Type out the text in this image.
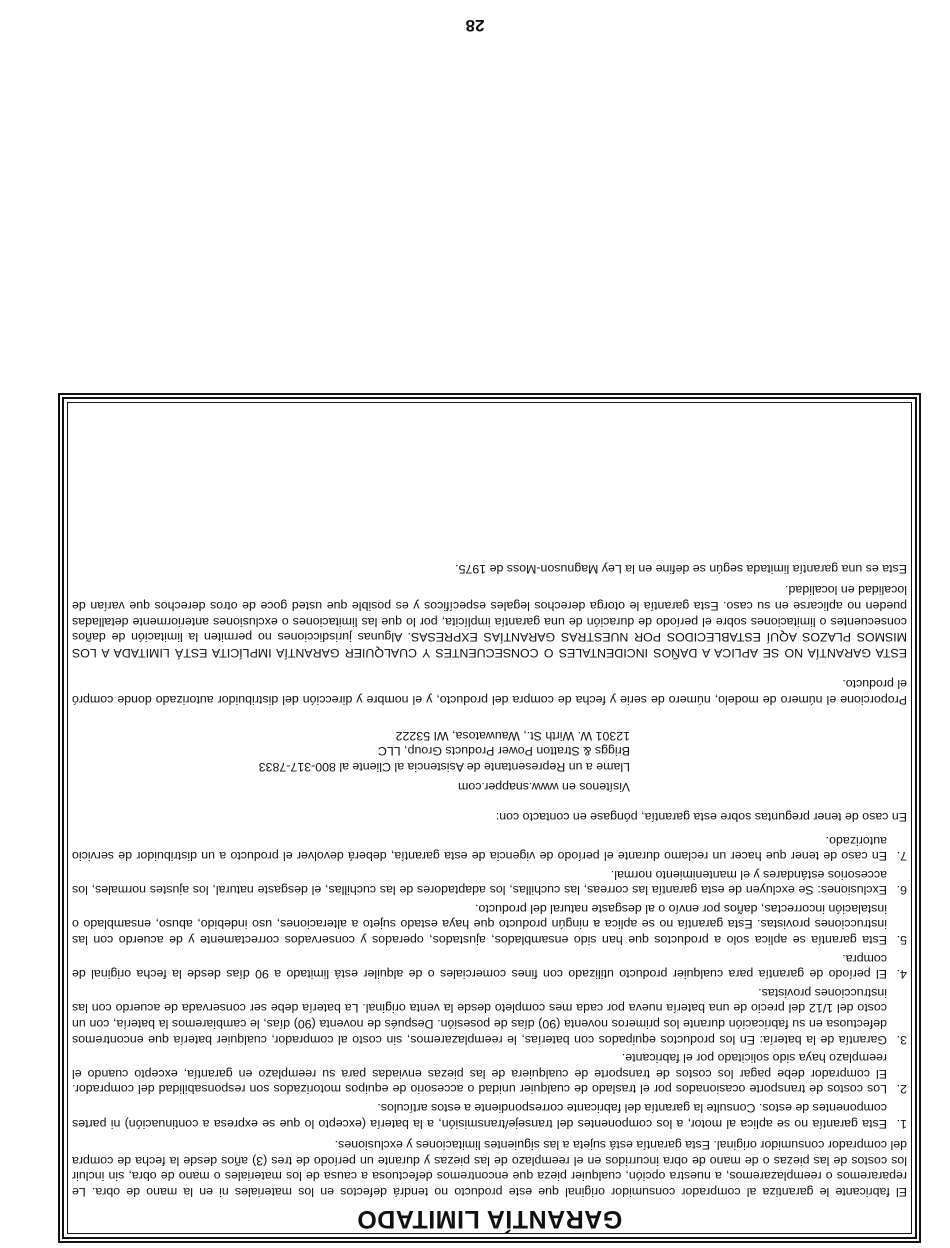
GARANTÍA LIMITADO

El fabricante le garantiza al comprador consumidor original que este producto no tendrá defectos en los materiales ni en la mano de obra. Le repararemos o reemplazaremos, a nuestra opción, cualquier pieza que encontremos defectuosa a causa de los materiales o mano de obra, sin incluir los costos de las piezas o de mano de obra incurridos en el reemplazo de las piezas y durante un período de tres (3) años desde la fecha de compra del comprador consumidor original. Esta garantía está sujeta a las siguientes limitaciones y exclusiones.

1.
Esta garantía no se aplica al motor, a los componentes del transeje/transmisión, a la batería (excepto lo que se expresa a continuación) ni partes componentes de estos. Consulte la garantía del fabricante correspondiente a estos artículos.
2.
Los costos de transporte ocasionados por el traslado de cualquier unidad o accesorio de equipos motorizados son responsabilidad del comprador. El comprador debe pagar los costos de transporte de cualquiera de las piezas enviadas para su reemplazo en garantía, excepto cuando el reemplazo haya sido solicitado por el fabricante.
3.
Garantía de la batería: En los productos equipados con baterías, le reemplazaremos, sin costo al comprador, cualquier batería que encontremos defectuosa en su fabricación durante los primeros noventa (90) días de posesión. Después de noventa (90) días, le cambiaremos la batería, con un costo del 1/12 del precio de una batería nueva por cada mes completo desde la venta original. La batería debe ser conservada de acuerdo con las instrucciones provistas.
4.
El período de garantía para cualquier producto utilizado con fines comerciales o de alquiler está limitado a 90 días desde la fecha original de compra.
5.
Esta garantía se aplica solo a productos que han sido ensamblados, ajustados, operados y conservados correctamente y de acuerdo con las instrucciones provistas. Esta garantía no se aplica a ningún producto que haya estado sujeto a alteraciones, uso indebido, abuso, ensamblado o instalación incorrectas, daños por envío o al desgaste natural del producto.
6.
Exclusiones: Se excluyen de esta garantía las correas, las cuchillas, los adaptadores de las cuchillas, el desgaste natural, los ajustes normales, los accesorios estándares y el mantenimiento normal.
7.
En caso de tener que hacer un reclamo durante el período de vigencia de esta garantía, deberá devolver el producto a un distribuidor de servicio autorizado.

En caso de tener preguntas sobre esta garantía, póngase en contacto con:

Visítenos en www.snapper.com
Llame a un Representante de Asistencia al Cliente al 800-317-7833
Briggs & Stratton Power Products Group, LLC
12301 W. Wirth St., Wauwatosa, WI 53222

Proporcione el número de modelo, número de serie y fecha de compra del producto, y el nombre y dirección del distribuidor autorizado donde compró el producto.

ESTA GARANTÍA NO SE APLICA A DAÑOS INCIDENTALES O CONSECUENTES Y CUALQUIER GARANTÍA IMPLÍCITA ESTÁ LIMITADA A LOS MISMOS PLAZOS AQUÍ ESTABLECIDOS POR NUESTRAS GARANTÍAS EXPRESAS. Algunas jurisdicciones no permiten la limitación de daños consecuentes o limitaciones sobre el período de duración de una garantía implícita, por lo que las limitaciones o exclusiones anteriormente detalladas pueden no aplicarse en su caso. Esta garantía le otorga derechos legales específicos y es posible que usted goce de otros derechos que varían de localidad en localidad.

Esta es una garantía limitada según se define en la Ley Magnuson-Moss de 1975.

28
